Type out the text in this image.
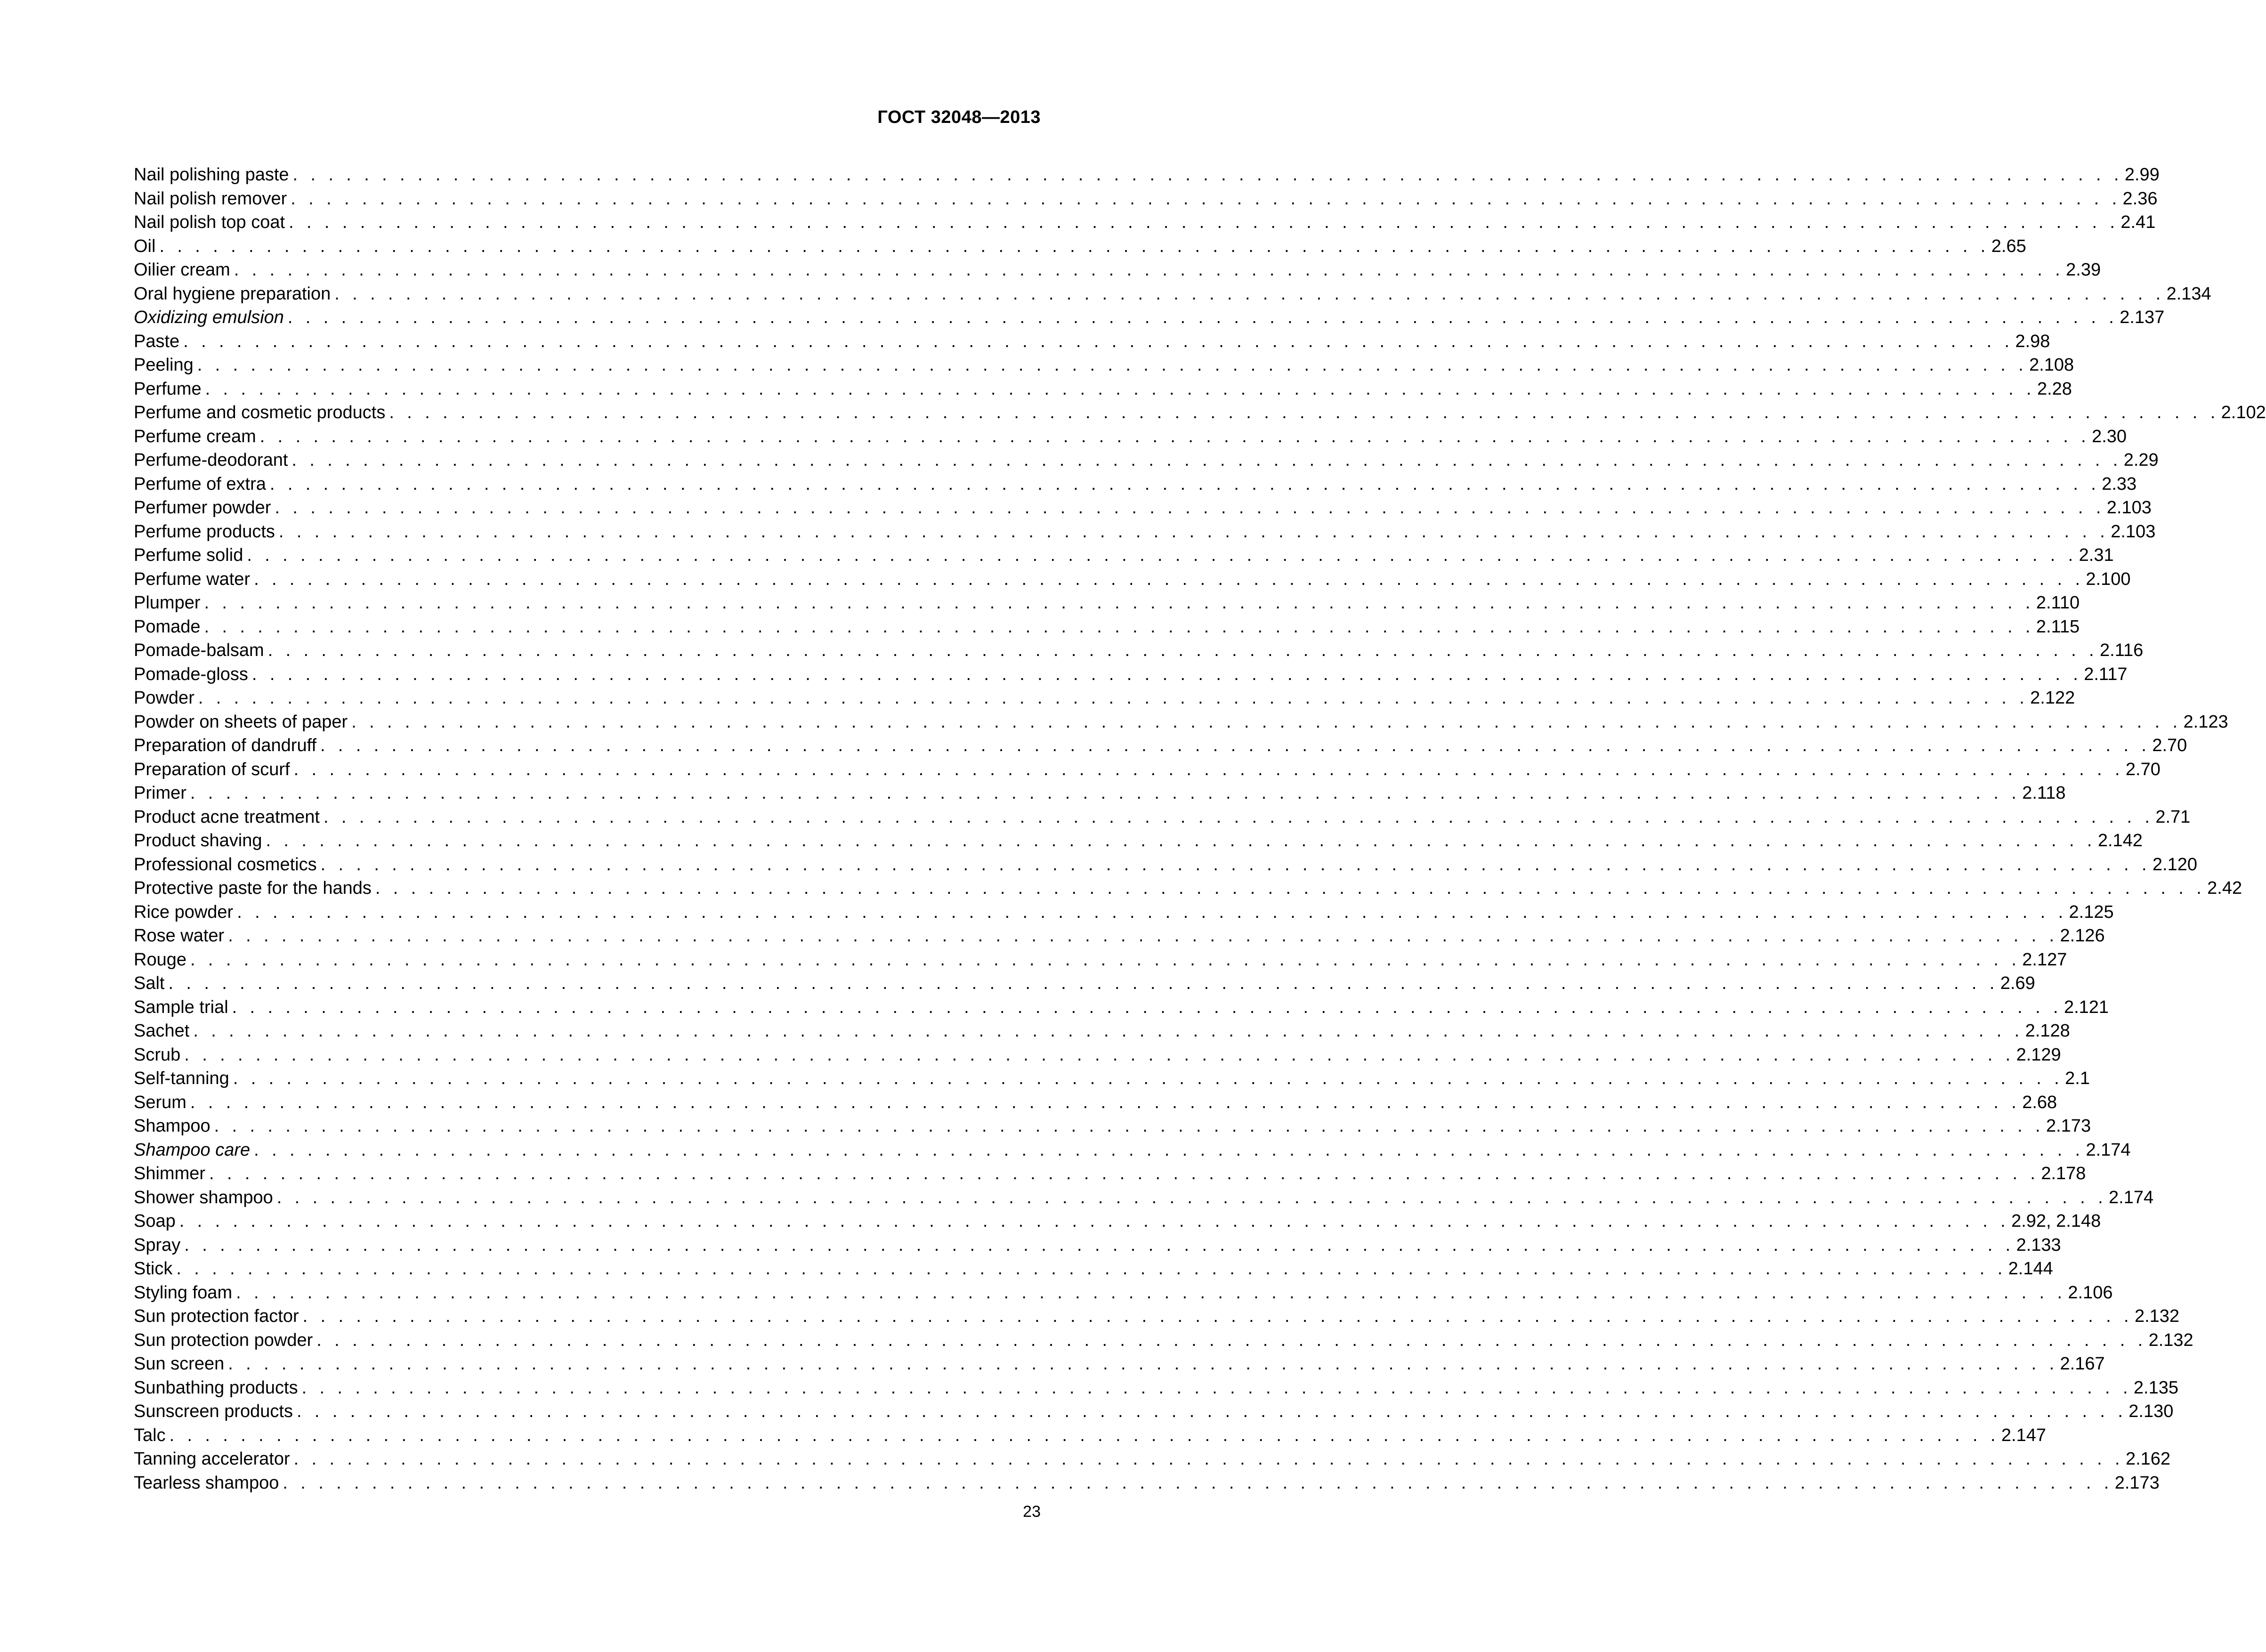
ГОСТ 32048—2013
Nail polishing paste . . . . . . . . . . . . . . . . . . . . . . . . . . . . . . . . . . . . . . . . . . . . . . . . . . . . . . . . . . . . . . . . . . . . . . . . . . . . . . . . . . . . . . . . . . . . . . . . . . . . . . . 2.99
Nail polish remover . . . . . . . . . . . . . . . . . . . . . . . . . . . . . . . . . . . . . . . . . . . . . . . . . . . . . . . . . . . . . . . . . . . . . . . . . . . . . . . . . . . . . . . . . . . . . . . . . . . . . . . 2.36
Nail polish top coat . . . . . . . . . . . . . . . . . . . . . . . . . . . . . . . . . . . . . . . . . . . . . . . . . . . . . . . . . . . . . . . . . . . . . . . . . . . . . . . . . . . . . . . . . . . . . . . . . . . . . . . 2.41
Oil . . . . . . . . . . . . . . . . . . . . . . . . . . . . . . . . . . . . . . . . . . . . . . . . . . . . . . . . . . . . . . . . . . . . . . . . . . . . . . . . . . . . . . . . . . . . . . . . . . . . . . . 2.65
Oilier cream . . . . . . . . . . . . . . . . . . . . . . . . . . . . . . . . . . . . . . . . . . . . . . . . . . . . . . . . . . . . . . . . . . . . . . . . . . . . . . . . . . . . . . . . . . . . . . . . . . . . . . . 2.39
Oral hygiene preparation . . . . . . . . . . . . . . . . . . . . . . . . . . . . . . . . . . . . . . . . . . . . . . . . . . . . . . . . . . . . . . . . . . . . . . . . . . . . . . . . . . . . . . . . . . . . . . . . . . . . . . . 2.134
Oxidizing emulsion . . . . . . . . . . . . . . . . . . . . . . . . . . . . . . . . . . . . . . . . . . . . . . . . . . . . . . . . . . . . . . . . . . . . . . . . . . . . . . . . . . . . . . . . . . . . . . . . . . . . . . . 2.137
Paste . . . . . . . . . . . . . . . . . . . . . . . . . . . . . . . . . . . . . . . . . . . . . . . . . . . . . . . . . . . . . . . . . . . . . . . . . . . . . . . . . . . . . . . . . . . . . . . . . . . . . . . 2.98
Peeling . . . . . . . . . . . . . . . . . . . . . . . . . . . . . . . . . . . . . . . . . . . . . . . . . . . . . . . . . . . . . . . . . . . . . . . . . . . . . . . . . . . . . . . . . . . . . . . . . . . . . . . 2.108
Perfume . . . . . . . . . . . . . . . . . . . . . . . . . . . . . . . . . . . . . . . . . . . . . . . . . . . . . . . . . . . . . . . . . . . . . . . . . . . . . . . . . . . . . . . . . . . . . . . . . . . . . . . 2.28
Perfume and cosmetic products . . . . . . . . . . . . . . . . . . . . . . . . . . . . . . . . . . . . . . . . . . . . . . . . . . . . . . . . . . . . . . . . . . . . . . . . . . . . . . . . . . . . . . . . . . . . . . . . . . . . . . . 2.102
Perfume cream . . . . . . . . . . . . . . . . . . . . . . . . . . . . . . . . . . . . . . . . . . . . . . . . . . . . . . . . . . . . . . . . . . . . . . . . . . . . . . . . . . . . . . . . . . . . . . . . . . . . . . . 2.30
Perfume-deodorant . . . . . . . . . . . . . . . . . . . . . . . . . . . . . . . . . . . . . . . . . . . . . . . . . . . . . . . . . . . . . . . . . . . . . . . . . . . . . . . . . . . . . . . . . . . . . . . . . . . . . . . 2.29
Perfume of extra . . . . . . . . . . . . . . . . . . . . . . . . . . . . . . . . . . . . . . . . . . . . . . . . . . . . . . . . . . . . . . . . . . . . . . . . . . . . . . . . . . . . . . . . . . . . . . . . . . . . . . . 2.33
Perfumer powder . . . . . . . . . . . . . . . . . . . . . . . . . . . . . . . . . . . . . . . . . . . . . . . . . . . . . . . . . . . . . . . . . . . . . . . . . . . . . . . . . . . . . . . . . . . . . . . . . . . . . . . 2.103
Perfume products . . . . . . . . . . . . . . . . . . . . . . . . . . . . . . . . . . . . . . . . . . . . . . . . . . . . . . . . . . . . . . . . . . . . . . . . . . . . . . . . . . . . . . . . . . . . . . . . . . . . . . . 2.103
Perfume solid . . . . . . . . . . . . . . . . . . . . . . . . . . . . . . . . . . . . . . . . . . . . . . . . . . . . . . . . . . . . . . . . . . . . . . . . . . . . . . . . . . . . . . . . . . . . . . . . . . . . . . . 2.31
Perfume water . . . . . . . . . . . . . . . . . . . . . . . . . . . . . . . . . . . . . . . . . . . . . . . . . . . . . . . . . . . . . . . . . . . . . . . . . . . . . . . . . . . . . . . . . . . . . . . . . . . . . . . 2.100
Plumper . . . . . . . . . . . . . . . . . . . . . . . . . . . . . . . . . . . . . . . . . . . . . . . . . . . . . . . . . . . . . . . . . . . . . . . . . . . . . . . . . . . . . . . . . . . . . . . . . . . . . . . 2.110
Pomade . . . . . . . . . . . . . . . . . . . . . . . . . . . . . . . . . . . . . . . . . . . . . . . . . . . . . . . . . . . . . . . . . . . . . . . . . . . . . . . . . . . . . . . . . . . . . . . . . . . . . . . 2.115
Pomade-balsam . . . . . . . . . . . . . . . . . . . . . . . . . . . . . . . . . . . . . . . . . . . . . . . . . . . . . . . . . . . . . . . . . . . . . . . . . . . . . . . . . . . . . . . . . . . . . . . . . . . . . . . 2.116
Pomade-gloss . . . . . . . . . . . . . . . . . . . . . . . . . . . . . . . . . . . . . . . . . . . . . . . . . . . . . . . . . . . . . . . . . . . . . . . . . . . . . . . . . . . . . . . . . . . . . . . . . . . . . . . 2.117
Powder . . . . . . . . . . . . . . . . . . . . . . . . . . . . . . . . . . . . . . . . . . . . . . . . . . . . . . . . . . . . . . . . . . . . . . . . . . . . . . . . . . . . . . . . . . . . . . . . . . . . . . . 2.122
Powder on sheets of paper . . . . . . . . . . . . . . . . . . . . . . . . . . . . . . . . . . . . . . . . . . . . . . . . . . . . . . . . . . . . . . . . . . . . . . . . . . . . . . . . . . . . . . . . . . . . . . . . . . . . . . . 2.123
Preparation of dandruff . . . . . . . . . . . . . . . . . . . . . . . . . . . . . . . . . . . . . . . . . . . . . . . . . . . . . . . . . . . . . . . . . . . . . . . . . . . . . . . . . . . . . . . . . . . . . . . . . . . . . . . 2.70
Preparation of scurf . . . . . . . . . . . . . . . . . . . . . . . . . . . . . . . . . . . . . . . . . . . . . . . . . . . . . . . . . . . . . . . . . . . . . . . . . . . . . . . . . . . . . . . . . . . . . . . . . . . . . . . 2.70
Primer . . . . . . . . . . . . . . . . . . . . . . . . . . . . . . . . . . . . . . . . . . . . . . . . . . . . . . . . . . . . . . . . . . . . . . . . . . . . . . . . . . . . . . . . . . . . . . . . . . . . . . . 2.118
Product acne treatment . . . . . . . . . . . . . . . . . . . . . . . . . . . . . . . . . . . . . . . . . . . . . . . . . . . . . . . . . . . . . . . . . . . . . . . . . . . . . . . . . . . . . . . . . . . . . . . . . . . . . . . 2.71
Product shaving . . . . . . . . . . . . . . . . . . . . . . . . . . . . . . . . . . . . . . . . . . . . . . . . . . . . . . . . . . . . . . . . . . . . . . . . . . . . . . . . . . . . . . . . . . . . . . . . . . . . . . . 2.142
Professional cosmetics . . . . . . . . . . . . . . . . . . . . . . . . . . . . . . . . . . . . . . . . . . . . . . . . . . . . . . . . . . . . . . . . . . . . . . . . . . . . . . . . . . . . . . . . . . . . . . . . . . . . . . . 2.120
Protective paste for the hands . . . . . . . . . . . . . . . . . . . . . . . . . . . . . . . . . . . . . . . . . . . . . . . . . . . . . . . . . . . . . . . . . . . . . . . . . . . . . . . . . . . . . . . . . . . . . . . . . . . . . . . 2.42
Rice powder . . . . . . . . . . . . . . . . . . . . . . . . . . . . . . . . . . . . . . . . . . . . . . . . . . . . . . . . . . . . . . . . . . . . . . . . . . . . . . . . . . . . . . . . . . . . . . . . . . . . . . . 2.125
Rose water . . . . . . . . . . . . . . . . . . . . . . . . . . . . . . . . . . . . . . . . . . . . . . . . . . . . . . . . . . . . . . . . . . . . . . . . . . . . . . . . . . . . . . . . . . . . . . . . . . . . . . . 2.126
Rouge . . . . . . . . . . . . . . . . . . . . . . . . . . . . . . . . . . . . . . . . . . . . . . . . . . . . . . . . . . . . . . . . . . . . . . . . . . . . . . . . . . . . . . . . . . . . . . . . . . . . . . . 2.127
Salt . . . . . . . . . . . . . . . . . . . . . . . . . . . . . . . . . . . . . . . . . . . . . . . . . . . . . . . . . . . . . . . . . . . . . . . . . . . . . . . . . . . . . . . . . . . . . . . . . . . . . . . 2.69
Sample trial . . . . . . . . . . . . . . . . . . . . . . . . . . . . . . . . . . . . . . . . . . . . . . . . . . . . . . . . . . . . . . . . . . . . . . . . . . . . . . . . . . . . . . . . . . . . . . . . . . . . . . . 2.121
Sachet . . . . . . . . . . . . . . . . . . . . . . . . . . . . . . . . . . . . . . . . . . . . . . . . . . . . . . . . . . . . . . . . . . . . . . . . . . . . . . . . . . . . . . . . . . . . . . . . . . . . . . . 2.128
Scrub . . . . . . . . . . . . . . . . . . . . . . . . . . . . . . . . . . . . . . . . . . . . . . . . . . . . . . . . . . . . . . . . . . . . . . . . . . . . . . . . . . . . . . . . . . . . . . . . . . . . . . . 2.129
Self-tanning . . . . . . . . . . . . . . . . . . . . . . . . . . . . . . . . . . . . . . . . . . . . . . . . . . . . . . . . . . . . . . . . . . . . . . . . . . . . . . . . . . . . . . . . . . . . . . . . . . . . . . . 2.1
Serum . . . . . . . . . . . . . . . . . . . . . . . . . . . . . . . . . . . . . . . . . . . . . . . . . . . . . . . . . . . . . . . . . . . . . . . . . . . . . . . . . . . . . . . . . . . . . . . . . . . . . . . 2.68
Shampoo . . . . . . . . . . . . . . . . . . . . . . . . . . . . . . . . . . . . . . . . . . . . . . . . . . . . . . . . . . . . . . . . . . . . . . . . . . . . . . . . . . . . . . . . . . . . . . . . . . . . . . . 2.173
Shampoo care . . . . . . . . . . . . . . . . . . . . . . . . . . . . . . . . . . . . . . . . . . . . . . . . . . . . . . . . . . . . . . . . . . . . . . . . . . . . . . . . . . . . . . . . . . . . . . . . . . . . . . . 2.174
Shimmer . . . . . . . . . . . . . . . . . . . . . . . . . . . . . . . . . . . . . . . . . . . . . . . . . . . . . . . . . . . . . . . . . . . . . . . . . . . . . . . . . . . . . . . . . . . . . . . . . . . . . . . 2.178
Shower shampoo . . . . . . . . . . . . . . . . . . . . . . . . . . . . . . . . . . . . . . . . . . . . . . . . . . . . . . . . . . . . . . . . . . . . . . . . . . . . . . . . . . . . . . . . . . . . . . . . . . . . . . . 2.174
Soap . . . . . . . . . . . . . . . . . . . . . . . . . . . . . . . . . . . . . . . . . . . . . . . . . . . . . . . . . . . . . . . . . . . . . . . . . . . . . . . . . . . . . . . . . . . . . . . . . . . . . . . 2.92, 2.148
Spray . . . . . . . . . . . . . . . . . . . . . . . . . . . . . . . . . . . . . . . . . . . . . . . . . . . . . . . . . . . . . . . . . . . . . . . . . . . . . . . . . . . . . . . . . . . . . . . . . . . . . . . 2.133
Stick . . . . . . . . . . . . . . . . . . . . . . . . . . . . . . . . . . . . . . . . . . . . . . . . . . . . . . . . . . . . . . . . . . . . . . . . . . . . . . . . . . . . . . . . . . . . . . . . . . . . . . . 2.144
Styling foam . . . . . . . . . . . . . . . . . . . . . . . . . . . . . . . . . . . . . . . . . . . . . . . . . . . . . . . . . . . . . . . . . . . . . . . . . . . . . . . . . . . . . . . . . . . . . . . . . . . . . . . 2.106
Sun protection factor . . . . . . . . . . . . . . . . . . . . . . . . . . . . . . . . . . . . . . . . . . . . . . . . . . . . . . . . . . . . . . . . . . . . . . . . . . . . . . . . . . . . . . . . . . . . . . . . . . . . . . . 2.132
Sun protection powder . . . . . . . . . . . . . . . . . . . . . . . . . . . . . . . . . . . . . . . . . . . . . . . . . . . . . . . . . . . . . . . . . . . . . . . . . . . . . . . . . . . . . . . . . . . . . . . . . . . . . . . 2.132
Sun screen . . . . . . . . . . . . . . . . . . . . . . . . . . . . . . . . . . . . . . . . . . . . . . . . . . . . . . . . . . . . . . . . . . . . . . . . . . . . . . . . . . . . . . . . . . . . . . . . . . . . . . . 2.167
Sunbathing products . . . . . . . . . . . . . . . . . . . . . . . . . . . . . . . . . . . . . . . . . . . . . . . . . . . . . . . . . . . . . . . . . . . . . . . . . . . . . . . . . . . . . . . . . . . . . . . . . . . . . . . 2.135
Sunscreen products . . . . . . . . . . . . . . . . . . . . . . . . . . . . . . . . . . . . . . . . . . . . . . . . . . . . . . . . . . . . . . . . . . . . . . . . . . . . . . . . . . . . . . . . . . . . . . . . . . . . . . . 2.130
Talc . . . . . . . . . . . . . . . . . . . . . . . . . . . . . . . . . . . . . . . . . . . . . . . . . . . . . . . . . . . . . . . . . . . . . . . . . . . . . . . . . . . . . . . . . . . . . . . . . . . . . . . 2.147
Tanning accelerator . . . . . . . . . . . . . . . . . . . . . . . . . . . . . . . . . . . . . . . . . . . . . . . . . . . . . . . . . . . . . . . . . . . . . . . . . . . . . . . . . . . . . . . . . . . . . . . . . . . . . . . 2.162
Tearless shampoo . . . . . . . . . . . . . . . . . . . . . . . . . . . . . . . . . . . . . . . . . . . . . . . . . . . . . . . . . . . . . . . . . . . . . . . . . . . . . . . . . . . . . . . . . . . . . . . . . . . . . . . 2.173
23
